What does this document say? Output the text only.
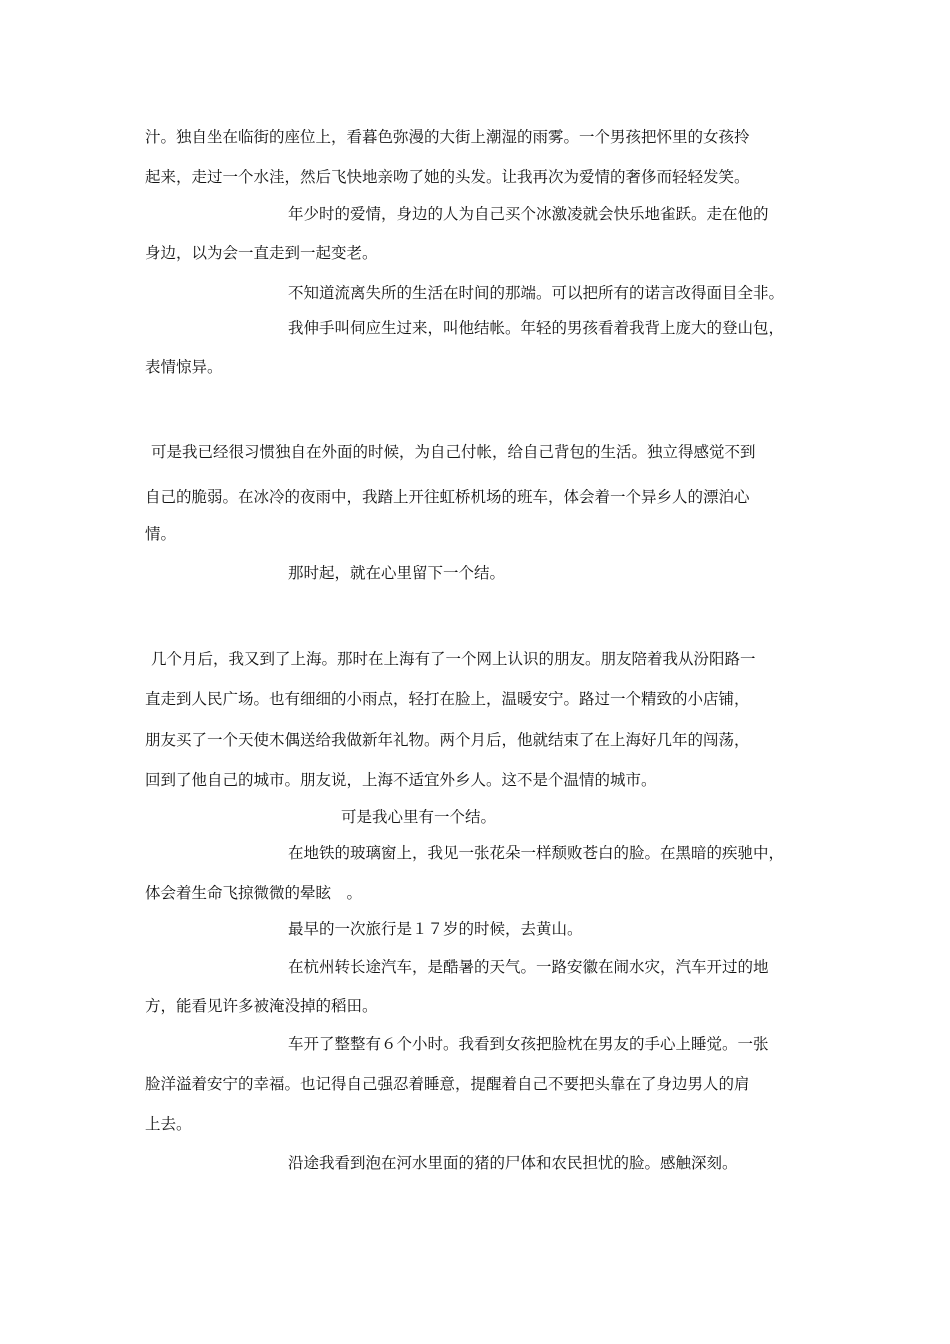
汁。独自坐在临街的座位上，看暮色弥漫的大街上潮湿的雨雾。一个男孩把怀里的女孩拎
起来，走过一个水洼，然后飞快地亲吻了她的头发。让我再次为爱情的奢侈而轻轻发笑。
年少时的爱情，身边的人为自己买个冰激凌就会快乐地雀跃。走在他的
身边，以为会一直走到一起变老。
不知道流离失所的生活在时间的那端。可以把所有的诺言改得面目全非。
我伸手叫伺应生过来，叫他结帐。年轻的男孩看着我背上庞大的登山包，
表情惊异。
可是我已经很习惯独自在外面的时候，为自己付帐，给自己背包的生活。独立得感觉不到
自己的脆弱。在冰冷的夜雨中，我踏上开往虹桥机场的班车，体会着一个异乡人的漂泊心
情。
那时起，就在心里留下一个结。
几个月后，我又到了上海。那时在上海有了一个网上认识的朋友。朋友陪着我从汾阳路一
直走到人民广场。也有细细的小雨点，轻打在脸上，温暖安宁。路过一个精致的小店铺，
朋友买了一个天使木偶送给我做新年礼物。两个月后，他就结束了在上海好几年的闯荡，
回到了他自己的城市。朋友说，上海不适宜外乡人。这不是个温情的城市。
可是我心里有一个结。
在地铁的玻璃窗上，我见一张花朵一样颓败苍白的脸。在黑暗的疾驰中，
体会着生命飞掠微微的晕眩　。
最早的一次旅行是１７岁的时候，去黄山。
在杭州转长途汽车，是酷暑的天气。一路安徽在闹水灾，汽车开过的地
方，能看见许多被淹没掉的稻田。
车开了整整有６个小时。我看到女孩把脸枕在男友的手心上睡觉。一张
脸洋溢着安宁的幸福。也记得自己强忍着睡意，提醒着自己不要把头靠在了身边男人的肩
上去。
沿途我看到泡在河水里面的猪的尸体和农民担忧的脸。感触深刻。
